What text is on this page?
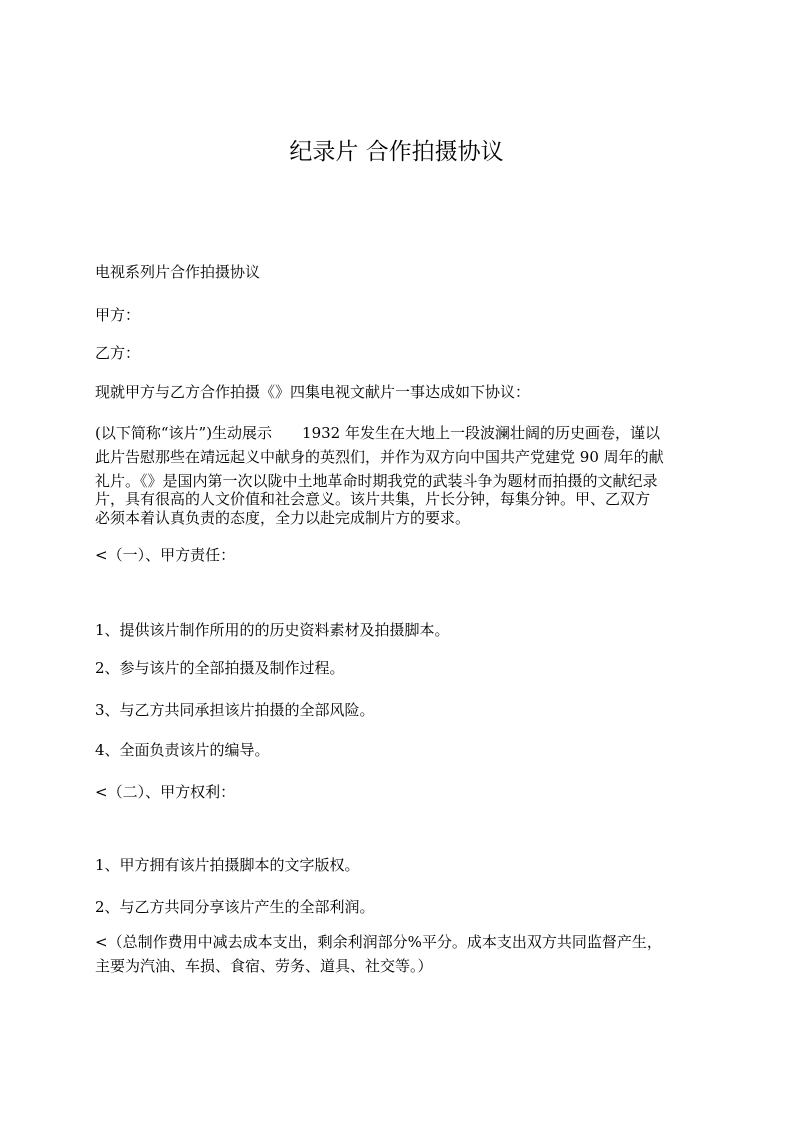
纪录片 合作拍摄协议
电视系列片合作拍摄协议
甲方：
乙方：
现就甲方与乙方合作拍摄《》四集电视文献片一事达成如下协议：
(以下简称“该片”)生动展示　　1932 年发生在大地上一段波澜壮阔的历史画卷，谨以
此片告慰那些在靖远起义中献身的英烈们，并作为双方向中国共产党建党 90 周年的献
礼片。《》是国内第一次以陇中土地革命时期我党的武装斗争为题材而拍摄的文献纪录
片，具有很高的人文价值和社会意义。该片共集，片长分钟，每集分钟。甲、乙双方
必须本着认真负责的态度，全力以赴完成制片方的要求。
<（一）、甲方责任：
1、提供该片制作所用的的历史资料素材及拍摄脚本。
2、参与该片的全部拍摄及制作过程。
3、与乙方共同承担该片拍摄的全部风险。
4、全面负责该片的编导。
<（二）、甲方权利：
1、甲方拥有该片拍摄脚本的文字版权。
2、与乙方共同分享该片产生的全部利润。
<（总制作费用中减去成本支出，剩余利润部分%平分。成本支出双方共同监督产生，
主要为汽油、车损、食宿、劳务、道具、社交等。）
